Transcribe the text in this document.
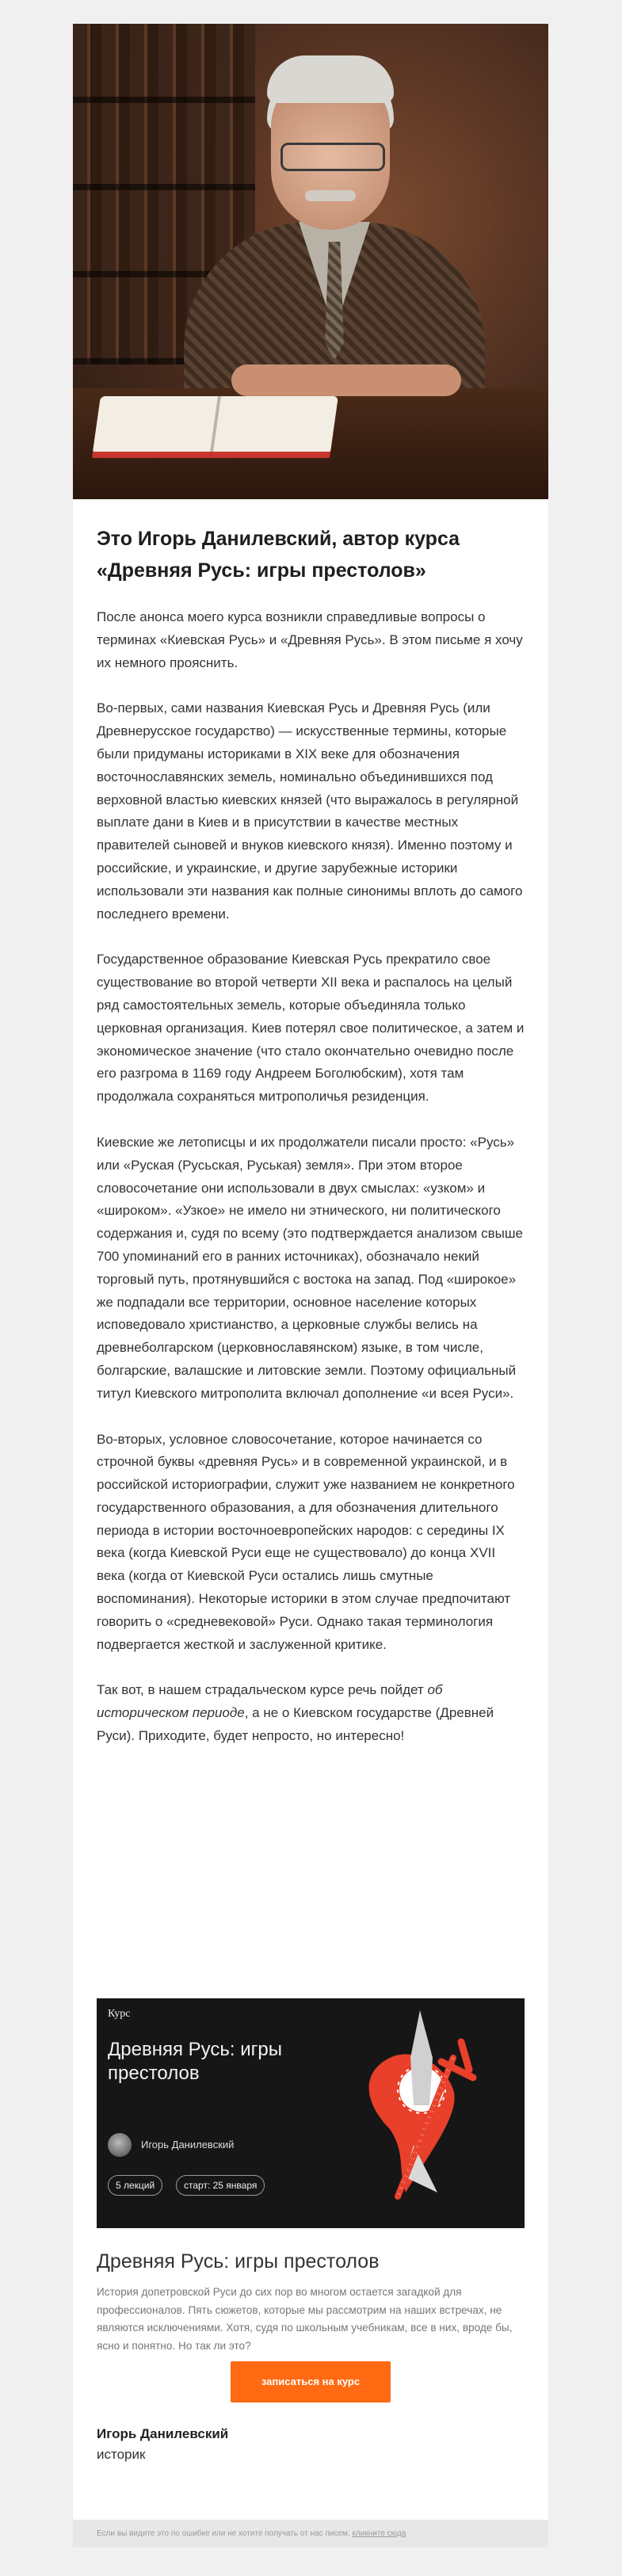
Это Игорь Данилевский, автор курса «Древняя Русь: игры престолов»

После анонса моего курса возникли справедливые вопросы о терминах «Киевская Русь» и «Древняя Русь». В этом письме я хочу их немного прояснить.

Во-первых, сами названия Киевская Русь и Древняя Русь (или Древнерусское государство) — искусственные термины, которые были придуманы историками в XIX веке для обозначения восточнославянских земель, номинально объединившихся под верховной властью киевских князей (что выражалось в регулярной выплате дани в Киев и в присутствии в качестве местных правителей сыновей и внуков киевского князя). Именно поэтому и российские, и украинские, и другие зарубежные историки использовали эти названия как полные синонимы вплоть до самого последнего времени.

Государственное образование Киевская Русь прекратило свое существование во второй четверти XII века и распалось на целый ряд самостоятельных земель, которые объединяла только церковная организация. Киев потерял свое политическое, а затем и экономическое значение (что стало окончательно очевидно после его разгрома в 1169 году Андреем Боголюбским), хотя там продолжала сохраняться митрополичья резиденция.

Киевские же летописцы и их продолжатели писали просто: «Русь» или «Руская (Русьская, Руськая) земля». При этом второе словосочетание они использовали в двух смыслах: «узком» и «широком». «Узкое» не имело ни этнического, ни политического содержания и, судя по всему (это подтверждается анализом свыше 700 упоминаний его в ранних источниках), обозначало некий торговый путь, протянувшийся с востока на запад. Под «широкое» же подпадали все территории, основное население которых исповедовало христианство, а церковные службы велись на древнеболгарском (церковнославянском) языке, в том числе, болгарские, валашские и литовские земли. Поэтому официальный титул Киевского митрополита включал дополнение «и всея Руси».

Во-вторых, условное словосочетание, которое начинается со строчной буквы «древняя Русь» и в современной украинской, и в российской историографии, служит уже названием не конкретного государственного образования, а для обозначения длительного периода в истории восточноевропейских народов: с середины IX века (когда Киевской Руси еще не существовало) до конца XVII века (когда от Киевской Руси остались лишь смутные воспоминания). Некоторые историки в этом случае предпочитают говорить о «средневековой» Руси. Однако такая терминология подвергается жесткой и заслуженной критике.

Так вот, в нашем страдальческом курсе речь пойдет об историческом периоде, а не о Киевском государстве (Древней Руси). Приходите, будет непросто, но интересно!

Курс
Древняя Русь: игры престолов
Игорь Данилевский
5 лекций	старт: 25 января
Древняя Русь: игры престолов
История допетровской Руси до сих пор во многом остается загадкой для профессионалов. Пять сюжетов, которые мы рассмотрим на наших встречах, не являются исключениями. Хотя, судя по школьным учебникам, все в них, вроде бы, ясно и понятно. Но так ли это?
записаться на курс
Игорь Данилевский
историк
Если вы видите это по ошибке или не хотите получать от нас писем, кликните сюда
